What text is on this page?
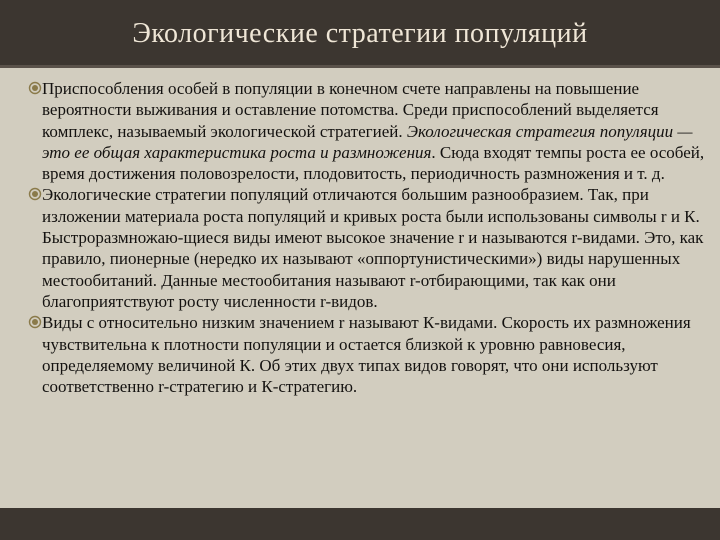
Экологические стратегии популяций

Приспособления особей в популяции в конечном счете направлены на повышение вероятности выживания и оставление потомства. Среди приспособлений выделяется комплекс, называемый экологической стратегией. Экологическая стратегия популяции — это ее общая характеристика роста и размножения. Сюда входят темпы роста ее особей, время достижения половозрелости, плодовитость, периодичность размножения и т. д.

Экологические стратегии популяций отличаются большим разнообразием. Так, при изложении материала роста популяций и кривых роста были использованы символы r и К. Быстроразмножаю-щиеся виды имеют высокое значение r и называются r-видами. Это, как правило, пионерные (нередко их называют «оппортунистическими») виды нарушенных местообитаний. Данные местообитания называют r-отбирающими, так как они благоприятствуют росту численности r-видов.

Виды с относительно низким значением r называют К-видами. Скорость их размножения чувствительна к плотности популяции и остается близкой к уровню равновесия, определяемому величиной К. Об этих двух типах видов говорят, что они используют соответственно r-стратегию и К-стратегию.
